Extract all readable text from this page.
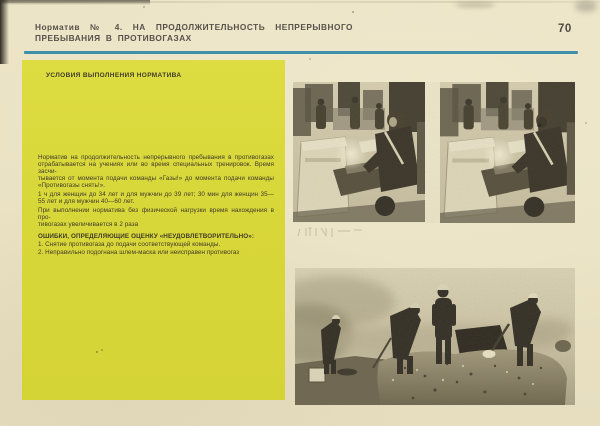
Норматив № 4. НА ПРОДОЛЖИТЕЛЬНОСТЬ НЕПРЕРЫВНОГО
ПРЕБЫВАНИЯ В ПРОТИВОГАЗАХ
70
УСЛОВИЯ ВЫПОЛНЕНИЯ НОРМАТИВА
Норматив на продолжительность непрерывного пребывания в противогазах
отрабатывается на учениях или во время специальных тренировок. Время засчи-
тывается от момента подачи команды «Газы!» до момента подачи команды
«Противогазы снять!».
1 ч для женщин до 34 лет и для мужчин до 39 лет; 30 мин для женщин 35—
55 лет и для мужчин 40—60 лет.
При выполнении норматива без физической нагрузки время нахождения в про-
тивогазах увеличивается в 2 раза
ОШИБКИ, ОПРЕДЕЛЯЮЩИЕ ОЦЕНКУ «НЕУДОВЛЕТВОРИТЕЛЬНО»:
1. Снятие противогаза до подачи соответствующей команды.
2. Неправильно подогнана шлем-маска или неисправен противогаз
